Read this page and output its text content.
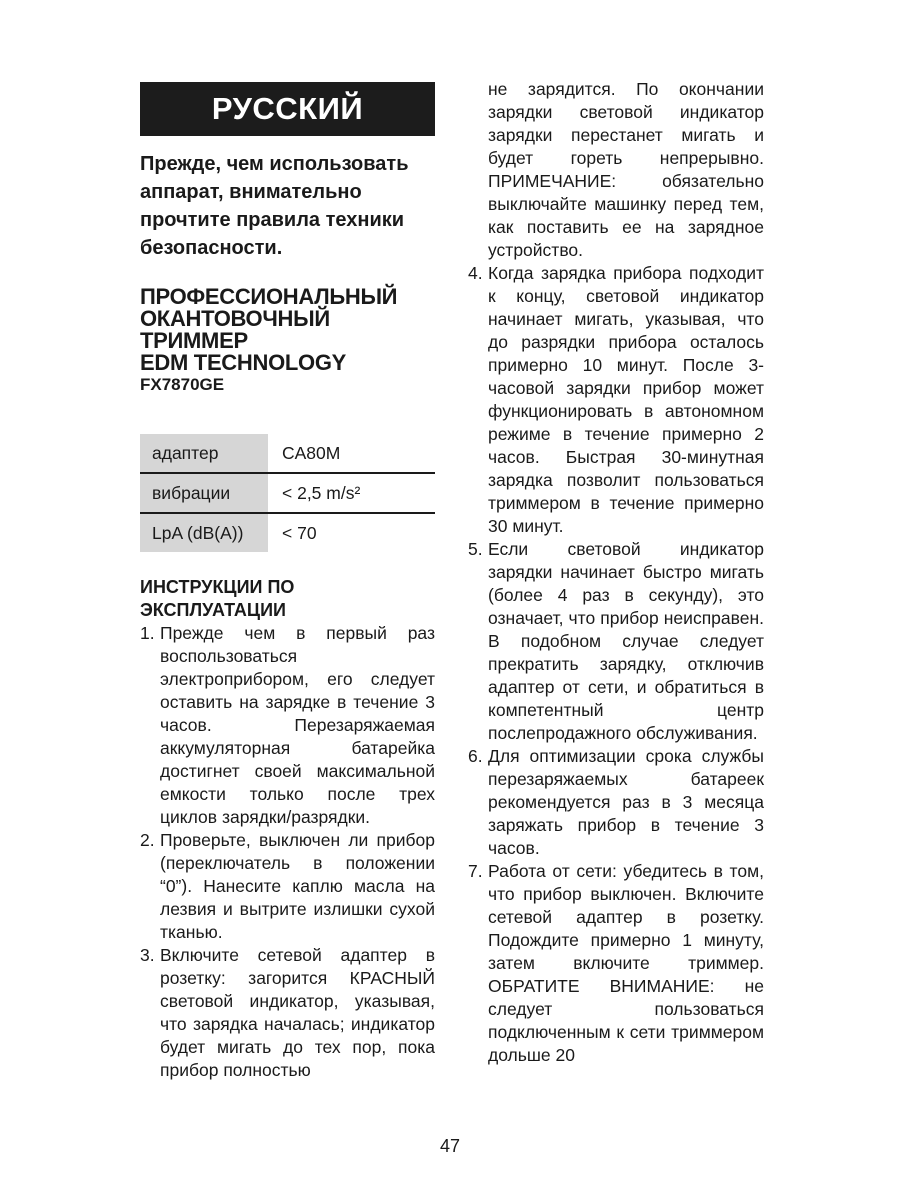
РУССКИЙ
Прежде, чем использовать аппарат, внимательно прочтите правила техники безопасности.
ПРОФЕССИОНАЛЬНЫЙ
ОКАНТОВОЧНЫЙ
ТРИММЕР
EDM TECHNOLOGY
FX7870GE
адаптер	CA80M
вибрации	< 2,5 m/s²
LpA (dB(A))	< 70
ИНСТРУКЦИИ ПО ЭКСПЛУАТАЦИИ
1. Прежде чем в первый раз воспользоваться электроприбором, его следует оставить на зарядке в течение 3 часов. Перезаряжаемая аккумуляторная батарейка достигнет своей максимальной емкости только после трех циклов зарядки/разрядки.
2. Проверьте, выключен ли прибор (переключатель в положении “0”). Нанесите каплю масла на лезвия и вытрите излишки сухой тканью.
3. Включите сетевой адаптер в розетку: загорится КРАСНЫЙ световой индикатор, указывая, что зарядка началась; индикатор будет мигать до тех пор, пока прибор полностью
не зарядится. По окончании зарядки световой индикатор зарядки перестанет мигать и будет гореть непрерывно. ПРИМЕЧАНИЕ: обязательно выключайте машинку перед тем, как поставить ее на зарядное устройство.
4. Когда зарядка прибора подходит к концу, световой индикатор начинает мигать, указывая, что до разрядки прибора осталось примерно 10 минут. После 3-часовой зарядки прибор может функционировать в автономном режиме в течение примерно 2 часов. Быстрая 30-минутная зарядка позволит пользоваться триммером в течение примерно 30 минут.
5. Если световой индикатор зарядки начинает быстро мигать (более 4 раз в секунду), это означает, что прибор неисправен. В подобном случае следует прекратить зарядку, отключив адаптер от сети, и обратиться в компетентный центр послепродажного обслуживания.
6. Для оптимизации срока службы перезаряжаемых батареек рекомендуется раз в 3 месяца заряжать прибор в течение 3 часов.
7. Работа от сети: убедитесь в том, что прибор выключен. Включите сетевой адаптер в розетку. Подождите примерно 1 минуту, затем включите триммер. ОБРАТИТЕ ВНИМАНИЕ: не следует пользоваться подключенным к сети триммером дольше 20
47
